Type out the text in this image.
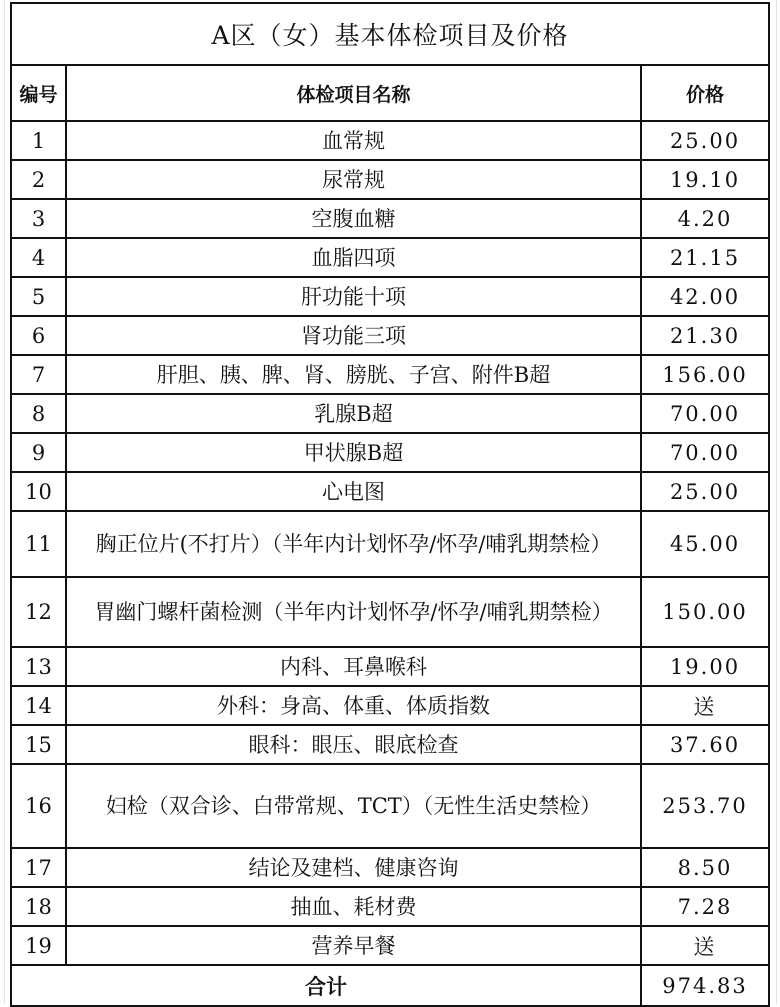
A区（女）基本体检项目及价格		
编号	体检项目名称	价格
1	血常规	25.00
2	尿常规	19.10
3	空腹血糖	4.20
4	血脂四项	21.15
5	肝功能十项	42.00
6	肾功能三项	21.30
7	肝胆、胰、脾、肾、膀胱、子宫、附件B超	156.00
8	乳腺B超	70.00
9	甲状腺B超	70.00
10	心电图	25.00
11	胸正位片(不打片）（半年内计划怀孕/怀孕/哺乳期禁检）	45.00
12	胃幽门螺杆菌检测（半年内计划怀孕/怀孕/哺乳期禁检）	150.00
13	内科、耳鼻喉科	19.00
14	外科：身高、体重、体质指数	送
15	眼科：眼压、眼底检查	37.60
16	妇检（双合诊、白带常规、TCT）（无性生活史禁检）	253.70
17	结论及建档、健康咨询	8.50
18	抽血、耗材费	7.28
19	营养早餐	送
合计		974.83
